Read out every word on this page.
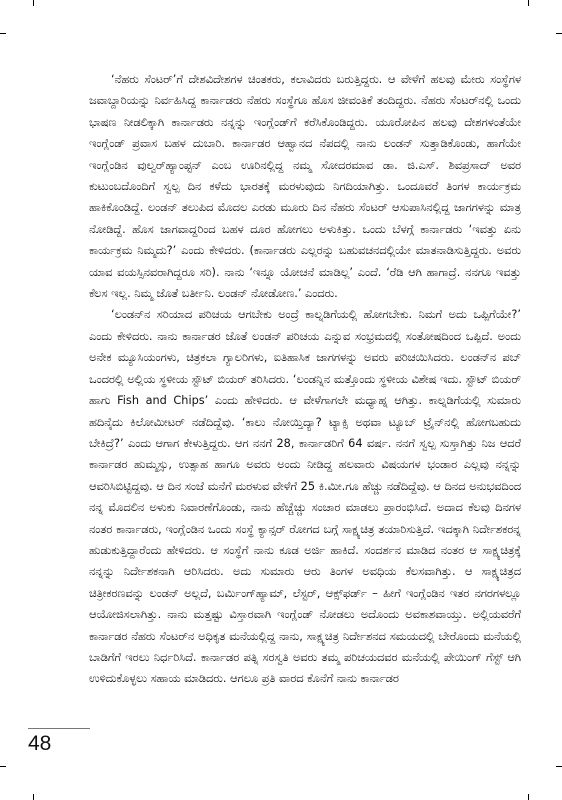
‘ನೆಹರು ಸೆಂಟರ್’ಗೆ ದೇಶವಿದೇಶಗಳ ಚಿಂತಕರು, ಕಲಾವಿದರು ಬರುತ್ತಿದ್ದರು. ಆ ವೇಳೆಗೆ ಹಲವು ಮೇರು ಸಂಸ್ಥೆಗಳ ಜವಾಬ್ದಾರಿಯನ್ನು ನಿರ್ವಹಿಸಿದ್ದ ಕಾರ್ನಾಡರು ನೆಹರು ಸಂಸ್ಥೆಗೂ ಹೊಸ ಜೀವಂತಿಕೆ ತಂದಿದ್ದರು. ನೆಹರು ಸೆಂಟರ್‌ನಲ್ಲಿ ಒಂದು ಭಾಷಣ ನೀಡಲಿಕ್ಕಾಗಿ ಕಾರ್ನಾಡರು ನನ್ನನ್ನು ಇಂಗ್ಲೆಂಡ್‌ಗೆ ಕರೆಸಿಕೊಂಡಿದ್ದರು. ಯೂರೋಪಿನ ಹಲವು ದೇಶಗಳಂತೆಯೇ ಇಂಗ್ಲೆಂಡ್ ಪ್ರವಾಸ ಬಹಳ ದುಬಾರಿ. ಕಾರ್ನಾಡರ ಆಹ್ವಾನದ ನೆಪದಲ್ಲಿ ನಾನು ಲಂಡನ್ ಸುತ್ತಾಡಿಕೊಂಡು, ಹಾಗೆಯೇ ಇಂಗ್ಲೆಂಡಿನ ವುಲ್ವರ್‌ಹ್ಯಾಂಪ್ಟನ್ ಎಂಬ ಊರಿನಲ್ಲಿದ್ದ ನಮ್ಮ ಸೋದರಮಾವ ಡಾ. ಜಿ.ಎಸ್. ಶಿವಪ್ರಸಾದ್ ಅವರ ಕುಟುಂಬದೊಂದಿಗೆ ಸ್ವಲ್ಪ ದಿನ ಕಳೆದು ಭಾರತಕ್ಕೆ ಮರಳುವುದು ನಿಗದಿಯಾಗಿತ್ತು. ಒಂದೂವರೆ ತಿಂಗಳ ಕಾರ್ಯಕ್ರಮ ಹಾಕಿಕೊಂಡಿದ್ದೆ. ಲಂಡನ್ ತಲುಪಿದ ಮೊದಲ ಎರಡು ಮೂರು ದಿನ ನೆಹರು ಸೆಂಟರ್ ಆಸುಪಾಸಿನಲ್ಲಿದ್ದ ಜಾಗಗಳನ್ನು ಮಾತ್ರ ನೋಡಿದ್ದೆ. ಹೊಸ ಜಾಗವಾದ್ದರಿಂದ ಬಹಳ ದೂರ ಹೋಗಲು ಅಳುಕಿತ್ತು. ಒಂದು ಬೆಳಗ್ಗೆ ಕಾರ್ನಾಡರು ‘ಇವತ್ತು ಏನು ಕಾರ್ಯಕ್ರಮ ನಿಮ್ಮದು?’ ಎಂದು ಕೇಳಿದರು. (ಕಾರ್ನಾಡರು ಎಲ್ಲರನ್ನು ಬಹುವಚನದಲ್ಲಿಯೇ ಮಾತನಾಡಿಸುತ್ತಿದ್ದರು. ಅವರು ಯಾವ ವಯಸ್ಸಿನವರಾಗಿದ್ದರೂ ಸರಿ). ನಾನು ‘ಇನ್ನೂ ಯೋಚನೆ ಮಾಡಿಲ್ಲ’ ಎಂದೆ. ‘ರೆಡಿ ಆಗಿ ಹಾಗಾದ್ರೆ. ನನಗೂ ಇವತ್ತು ಕೆಲಸ ಇಲ್ಲ. ನಿಮ್ಮ ಜೊತೆ ಬರ್ತೀನಿ. ಲಂಡನ್ ನೋಡೋಣ.’ ಎಂದರು.

‘ಲಂಡನ್‌ನ ಸರಿಯಾದ ಪರಿಚಯ ಆಗಬೇಕು ಅಂದ್ರೆ ಕಾಲ್ನಡಿಗೆಯಲ್ಲಿ ಹೋಗಬೇಕು. ನಿಮಗೆ ಅದು ಒಪ್ಪಿಗೆಯೇ?’ ಎಂದು ಕೇಳಿದರು. ನಾನು ಕಾರ್ನಾಡರ ಜೊತೆ ಲಂಡನ್ ಪರಿಚಯ ಎನ್ನುವ ಸಂಭ್ರಮದಲ್ಲಿ ಸಂತೋಷದಿಂದ ಒಪ್ಪಿದೆ. ಅಂದು ಅನೇಕ ಮ್ಯೂಸಿಯಂಗಳು, ಚಿತ್ರಕಲಾ ಗ್ಯಾಲರಿಗಳು, ಐತಿಹಾಸಿಕ ಜಾಗಗಳನ್ನು ಅವರು ಪರಿಚಯಿಸಿದರು. ಲಂಡನ್‌ನ ಪಬ್ ಒಂದರಲ್ಲಿ ಅಲ್ಲಿಯ ಸ್ಥಳೀಯ ಸ್ಟೌಟ್ ಬಿಯರ್ ತರಿಸಿದರು. ‘ಲಂಡನ್ನಿನ ಮತ್ತೊಂದು ಸ್ಥಳೀಯ ವಿಶೇಷ ಇದು. ಸ್ಟೌಟ್ ಬಿಯರ್ ಹಾಗು Fish and Chips’ ಎಂದು ಹೇಳಿದರು. ಆ ವೇಳೆಗಾಗಲೇ ಮಧ್ಯಾಹ್ನ ಆಗಿತ್ತು. ಕಾಲ್ನಡಿಗೆಯಲ್ಲಿ ಸುಮಾರು ಹದಿನೈದು ಕಿಲೋಮೀಟರ್ ನಡೆದಿದ್ದೆವು. ‘ಕಾಲು ನೋಯ್ತಿದ್ಯಾ? ಟ್ಯಾಕ್ಸಿ ಅಥವಾ ಟ್ಯೂಬ್ ಟ್ರೈನ್‌ನಲ್ಲಿ ಹೋಗಬಹುದು ಬೇಕಿದ್ರೆ?’ ಎಂದು ಆಗಾಗ ಕೇಳುತ್ತಿದ್ದರು. ಆಗ ನನಗೆ 28, ಕಾರ್ನಾಡರಿಗೆ 64 ವರ್ಷ. ನನಗೆ ಸ್ವಲ್ಪ ಸುಸ್ತಾಗಿತ್ತು ನಿಜ ಆದರೆ ಕಾರ್ನಾಡರ ಹುಮ್ಮಸ್ಸು, ಉತ್ಸಾಹ ಹಾಗೂ ಅವರು ಅಂದು ನೀಡಿದ್ದ ಹಲವಾರು ವಿಷಯಗಳ ಭಂಡಾರ ಎಲ್ಲವು ನನ್ನನ್ನು ಆವರಿಸಿಬಿಟ್ಟಿದ್ದವು. ಆ ದಿನ ಸಂಜೆ ಮನೆಗೆ ಮರಳುವ ವೇಳೆಗೆ 25 ಕಿ.ಮೀ.ಗೂ ಹೆಚ್ಚು ನಡೆದಿದ್ದೆವು. ಆ ದಿನದ ಅನುಭವದಿಂದ ನನ್ನ ಮೊದಲಿನ ಅಳುಕು ನಿವಾರಣೆಗೊಂಡು, ನಾನು ಹೆಚ್ಚೆಚ್ಚು ಸಂಚಾರ ಮಾಡಲು ಪ್ರಾರಂಭಿಸಿದೆ. ಅದಾದ ಕೆಲವು ದಿನಗಳ ನಂತರ ಕಾರ್ನಾಡರು, ಇಂಗ್ಲೆಂಡಿನ ಒಂದು ಸಂಸ್ಥೆ ಕ್ಯಾನ್ಸರ್ ರೋಗದ ಬಗ್ಗೆ ಸಾಕ್ಷ್ಯಚಿತ್ರ ತಯಾರಿಸುತ್ತಿದೆ. ಇದಕ್ಕಾಗಿ ನಿರ್ದೇಶಕರನ್ನ ಹುಡುಕುತ್ತಿದ್ದಾರೆಂದು ಹೇಳಿದರು. ಆ ಸಂಸ್ಥೆಗೆ ನಾನು ಕೂಡ ಅರ್ಜಿ ಹಾಕಿದೆ. ಸಂದರ್ಶನ ಮಾಡಿದ ನಂತರ ಆ ಸಾಕ್ಷ್ಯಚಿತ್ರಕ್ಕೆ ನನ್ನನ್ನು ನಿರ್ದೇಶಕನಾಗಿ ಆರಿಸಿದರು. ಅದು ಸುಮಾರು ಆರು ತಿಂಗಳ ಅವಧಿಯ ಕೆಲಸವಾಗಿತ್ತು. ಆ ಸಾಕ್ಷ್ಯಚಿತ್ರದ ಚಿತ್ರೀಕರಣವನ್ನು ಲಂಡನ್ ಅಲ್ಲದೆ, ಬರ್ಮಿಂಗ್‌ಹ್ಯಾಮ್, ಲೆಸ್ಟರ್, ಆಕ್ಸ್‌ಫರ್ಡ್ – ಹೀಗೆ ಇಂಗ್ಲೆಂಡಿನ ಇತರ ನಗರಗಳಲ್ಲೂ ಆಯೋಜಿಸಲಾಗಿತ್ತು. ನಾನು ಮತ್ತಷ್ಟು ವಿಸ್ತಾರವಾಗಿ ಇಂಗ್ಲೆಂಡ್ ನೋಡಲು ಅದೊಂದು ಅವಕಾಶವಾಯ್ತು. ಅಲ್ಲಿಯವರೆಗೆ ಕಾರ್ನಾಡರ ನೆಹರು ಸೆಂಟರ್‌ನ ಅಧಿಕೃತ ಮನೆಯಲ್ಲಿದ್ದ ನಾನು, ಸಾಕ್ಷ್ಯಚಿತ್ರ ನಿರ್ದೇಶನದ ಸಮಯದಲ್ಲಿ ಬೇರೊಂದು ಮನೆಯಲ್ಲಿ ಬಾಡಿಗೆಗೆ ಇರಲು ನಿರ್ಧರಿಸಿದೆ. ಕಾರ್ನಾಡರ ಪತ್ನಿ ಸರಸ್ವತಿ ಅವರು ತಮ್ಮ ಪರಿಚಯದವರ ಮನೆಯಲ್ಲಿ ಪೇಯಿಂಗ್ ಗೆಸ್ಟ್ ಆಗಿ ಉಳಿದುಕೊಳ್ಳಲು ಸಹಾಯ ಮಾಡಿದರು. ಆಗಲೂ ಪ್ರತಿ ವಾರದ ಕೊನೆಗೆ ನಾನು ಕಾರ್ನಾಡರ

48
